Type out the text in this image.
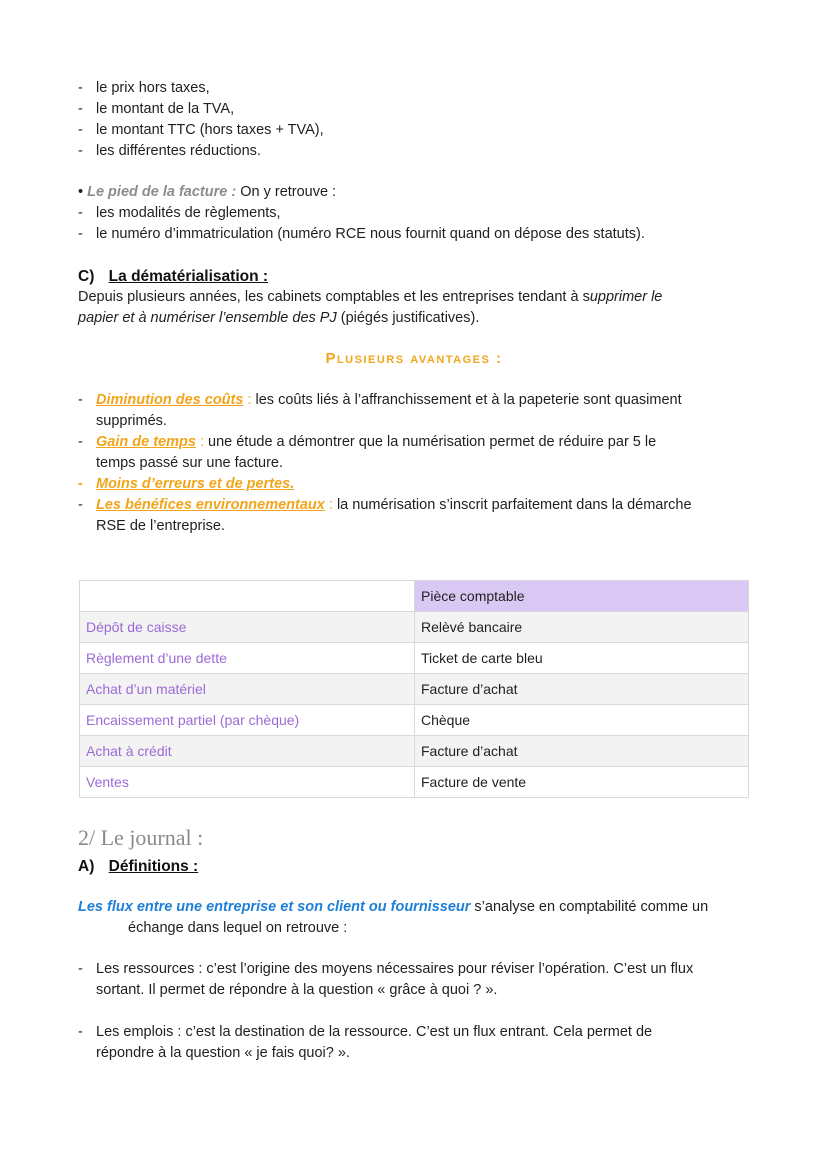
- le prix hors taxes,
- le montant de la TVA,
- le montant TTC (hors taxes + TVA),
- les différentes réductions.
• Le pied de la facture : On y retrouve :
- les modalités de règlements,
- le numéro d’immatriculation (numéro RCE nous fournit quand on dépose des statuts).
C) La dématérialisation :
Depuis plusieurs années, les cabinets comptables et les entreprises tendant à supprimer le
papier et à numériser l’ensemble des PJ (piégés justificatives).
Plusieurs avantages :
- Diminution des coûts : les coûts liés à l’affranchissement et à la papeterie sont quasiment
supprimés.
- Gain de temps : une étude a démontrer que la numérisation permet de réduire par 5 le
temps passé sur une facture.
- Moins d’erreurs et de pertes.
- Les bénéfices environnementaux : la numérisation s’inscrit parfaitement dans la démarche
RSE de l’entreprise.
	Pièce comptable
Dépôt de caisse	Relèvé bancaire
Règlement d’une dette	Ticket de carte bleu
Achat d’un matériel	Facture d’achat
Encaissement partiel (par chèque)	Chèque
Achat à crédit	Facture d’achat
Ventes	Facture de vente
2/ Le journal :
A) Définitions :
Les flux entre une entreprise et son client ou fournisseur s’analyse en comptabilité comme un
échange dans lequel on retrouve :
- Les ressources : c’est l’origine des moyens nécessaires pour réviser l’opération. C’est un flux
sortant. Il permet de répondre à la question « grâce à quoi ? ».
- Les emplois : c’est la destination de la ressource. C’est un flux entrant. Cela permet de
répondre à la question « je fais quoi? ».
